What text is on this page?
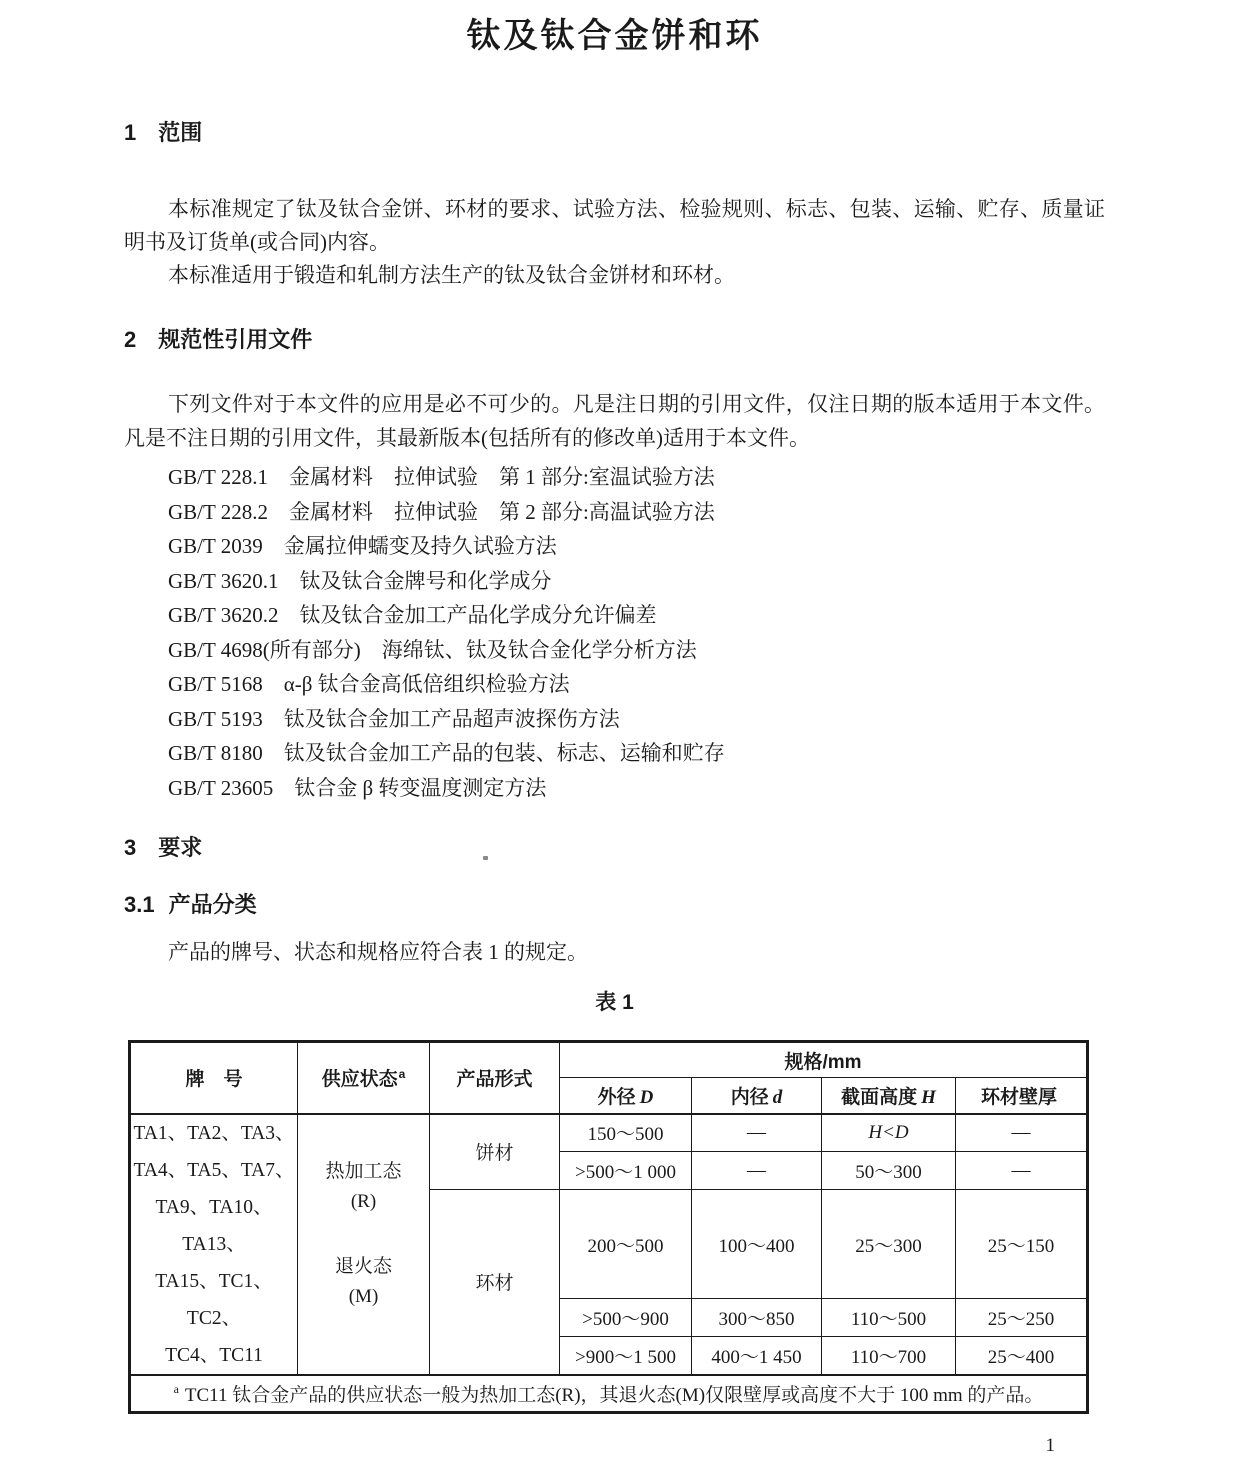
钛及钛合金饼和环
1 范围

本标准规定了钛及钛合金饼、环材的要求、试验方法、检验规则、标志、包装、运输、贮存、质量证明书及订货单(或合同)内容。

本标准适用于锻造和轧制方法生产的钛及钛合金饼材和环材。

2 规范性引用文件

下列文件对于本文件的应用是必不可少的。凡是注日期的引用文件，仅注日期的版本适用于本文件。凡是不注日期的引用文件，其最新版本(包括所有的修改单)适用于本文件。

GB/T 228.1　金属材料　拉伸试验　第 1 部分:室温试验方法
GB/T 228.2　金属材料　拉伸试验　第 2 部分:高温试验方法
GB/T 2039　金属拉伸蠕变及持久试验方法
GB/T 3620.1　钛及钛合金牌号和化学成分
GB/T 3620.2　钛及钛合金加工产品化学成分允许偏差
GB/T 4698(所有部分)　海绵钛、钛及钛合金化学分析方法
GB/T 5168　α-β 钛合金高低倍组织检验方法
GB/T 5193　钛及钛合金加工产品超声波探伤方法
GB/T 8180　钛及钛合金加工产品的包装、标志、运输和贮存
GB/T 23605　钛合金 β 转变温度测定方法
3 要求
3.1 产品分类

产品的牌号、状态和规格应符合表 1 的规定。

表 1
牌　号	供应状态$^a$	产品形式	规格/mm			
			外径 D	内径 d	截面高度 H	环材壁厚

TA1、TA2、TA3、
TA4、TA5、TA7、
TA9、TA10、TA13、
TA15、TC1、TC2、
TC4、TC11

热加工态
(R)
退火态
(M)
	饼材	150～500	—	H<D	—
			>500～1 000	—	50～300	—
		环材	200～500	100～400	25～300	25～150
			>500～900	300～850	110～500	25～250
			>900～1 500	400～1 450	110～700	25～400
$^a$ TC11 钛合金产品的供应状态一般为热加工态(R)，其退火态(M)仅限壁厚或高度不大于 100 mm 的产品。						
1
